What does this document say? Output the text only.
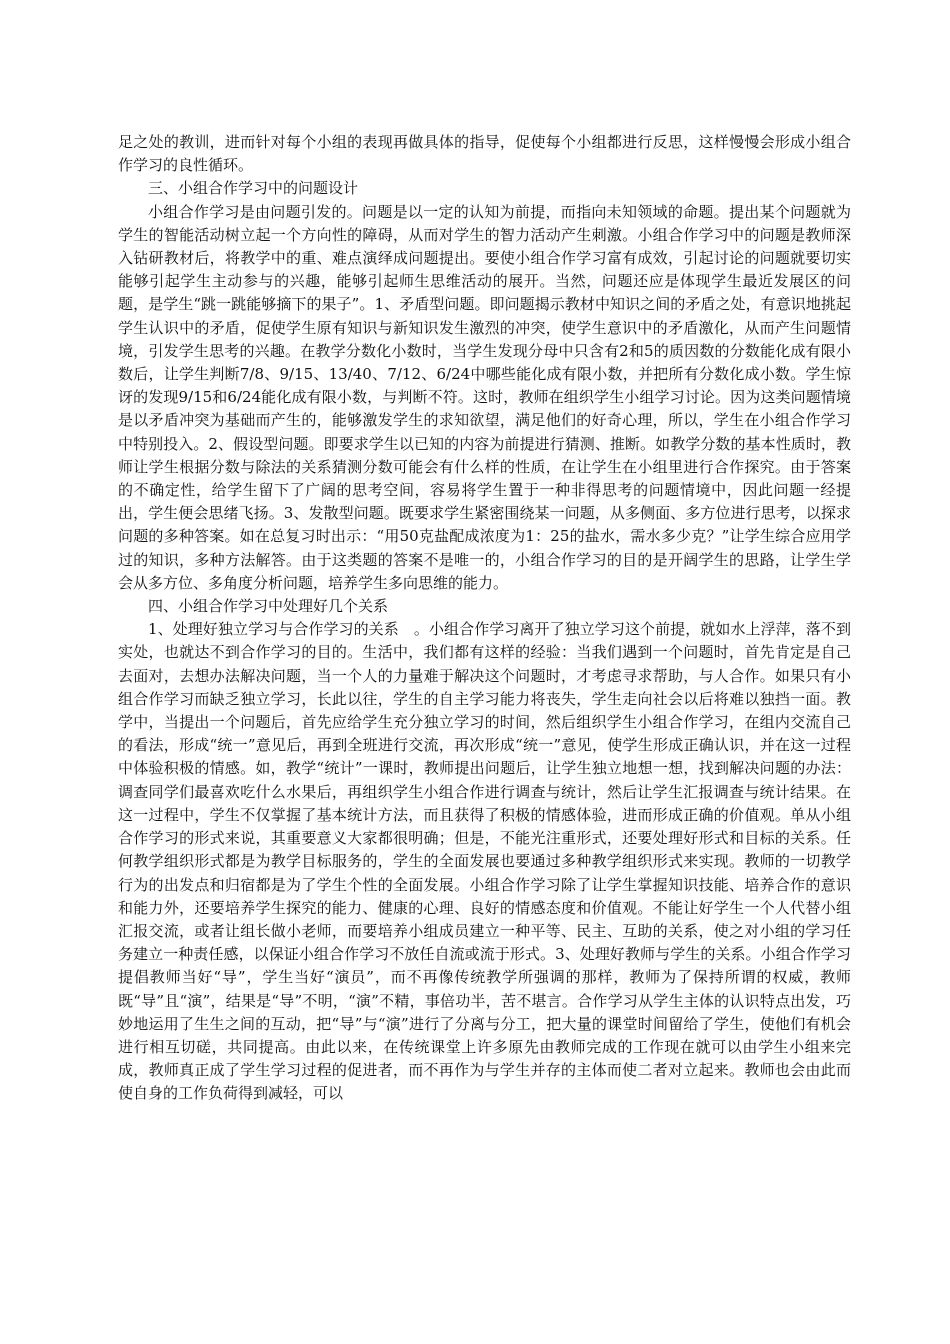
足之处的教训，进而针对每个小组的表现再做具体的指导，促使每个小组都进行反思，这样慢慢会形成小组合作学习的良性循环。

三、小组合作学习中的问题设计

小组合作学习是由问题引发的。问题是以一定的认知为前提，而指向未知领域的命题。提出某个问题就为学生的智能活动树立起一个方向性的障碍，从而对学生的智力活动产生刺激。小组合作学习中的问题是教师深入钻研教材后，将教学中的重、难点演绎成问题提出。要使小组合作学习富有成效，引起讨论的问题就要切实能够引起学生主动参与的兴趣，能够引起师生思维活动的展开。当然，问题还应是体现学生最近发展区的问题，是学生“跳一跳能够摘下的果子”。1、矛盾型问题。即问题揭示教材中知识之间的矛盾之处，有意识地挑起学生认识中的矛盾，促使学生原有知识与新知识发生激烈的冲突，使学生意识中的矛盾激化，从而产生问题情境，引发学生思考的兴趣。在教学分数化小数时，当学生发现分母中只含有2和5的质因数的分数能化成有限小数后，让学生判断7/8、9/15、13/40、7/12、6/24中哪些能化成有限小数，并把所有分数化成小数。学生惊讶的发现9/15和6/24能化成有限小数，与判断不符。这时，教师在组织学生小组学习讨论。因为这类问题情境是以矛盾冲突为基础而产生的，能够激发学生的求知欲望，满足他们的好奇心理，所以，学生在小组合作学习中特别投入。2、假设型问题。即要求学生以已知的内容为前提进行猜测、推断。如教学分数的基本性质时，教师让学生根据分数与除法的关系猜测分数可能会有什么样的性质，在让学生在小组里进行合作探究。由于答案的不确定性，给学生留下了广阔的思考空间，容易将学生置于一种非得思考的问题情境中，因此问题一经提出，学生便会思绪飞扬。3、发散型问题。既要求学生紧密围绕某一问题，从多侧面、多方位进行思考，以探求问题的多种答案。如在总复习时出示：“用50克盐配成浓度为1：25的盐水，需水多少克？”让学生综合应用学过的知识，多种方法解答。由于这类题的答案不是唯一的，小组合作学习的目的是开阔学生的思路，让学生学会从多方位、多角度分析问题，培养学生多向思维的能力。

四、小组合作学习中处理好几个关系

1、处理好独立学习与合作学习的关系　。小组合作学习离开了独立学习这个前提，就如水上浮萍，落不到实处，也就达不到合作学习的目的。生活中，我们都有这样的经验：当我们遇到一个问题时，首先肯定是自己去面对，去想办法解决问题，当一个人的力量难于解决这个问题时，才考虑寻求帮助，与人合作。如果只有小组合作学习而缺乏独立学习，长此以往，学生的自主学习能力将丧失，学生走向社会以后将难以独挡一面。教学中，当提出一个问题后，首先应给学生充分独立学习的时间，然后组织学生小组合作学习，在组内交流自己的看法，形成“统一”意见后，再到全班进行交流，再次形成“统一”意见，使学生形成正确认识，并在这一过程中体验积极的情感。如，教学“统计”一课时，教师提出问题后，让学生独立地想一想，找到解决问题的办法：调查同学们最喜欢吃什么水果后，再组织学生小组合作进行调查与统计，然后让学生汇报调查与统计结果。在这一过程中，学生不仅掌握了基本统计方法，而且获得了积极的情感体验，进而形成正确的价值观。单从小组合作学习的形式来说，其重要意义大家都很明确；但是，不能光注重形式，还要处理好形式和目标的关系。任何教学组织形式都是为教学目标服务的，学生的全面发展也要通过多种教学组织形式来实现。教师的一切教学行为的出发点和归宿都是为了学生个性的全面发展。小组合作学习除了让学生掌握知识技能、培养合作的意识和能力外，还要培养学生探究的能力、健康的心理、良好的情感态度和价值观。不能让好学生一个人代替小组汇报交流，或者让组长做小老师，而要培养小组成员建立一种平等、民主、互助的关系，使之对小组的学习任务建立一种责任感，以保证小组合作学习不放任自流或流于形式。3、处理好教师与学生的关系。小组合作学习提倡教师当好“导”，学生当好“演员”，而不再像传统教学所强调的那样，教师为了保持所谓的权威，教师既“导”且“演”，结果是“导”不明，“演”不精，事倍功半，苦不堪言。合作学习从学生主体的认识特点出发，巧妙地运用了生生之间的互动，把“导”与“演”进行了分离与分工，把大量的课堂时间留给了学生，使他们有机会进行相互切磋，共同提高。由此以来，在传统课堂上许多原先由教师完成的工作现在就可以由学生小组来完成，教师真正成了学生学习过程的促进者，而不再作为与学生并存的主体而使二者对立起来。教师也会由此而使自身的工作负荷得到减轻，可以
